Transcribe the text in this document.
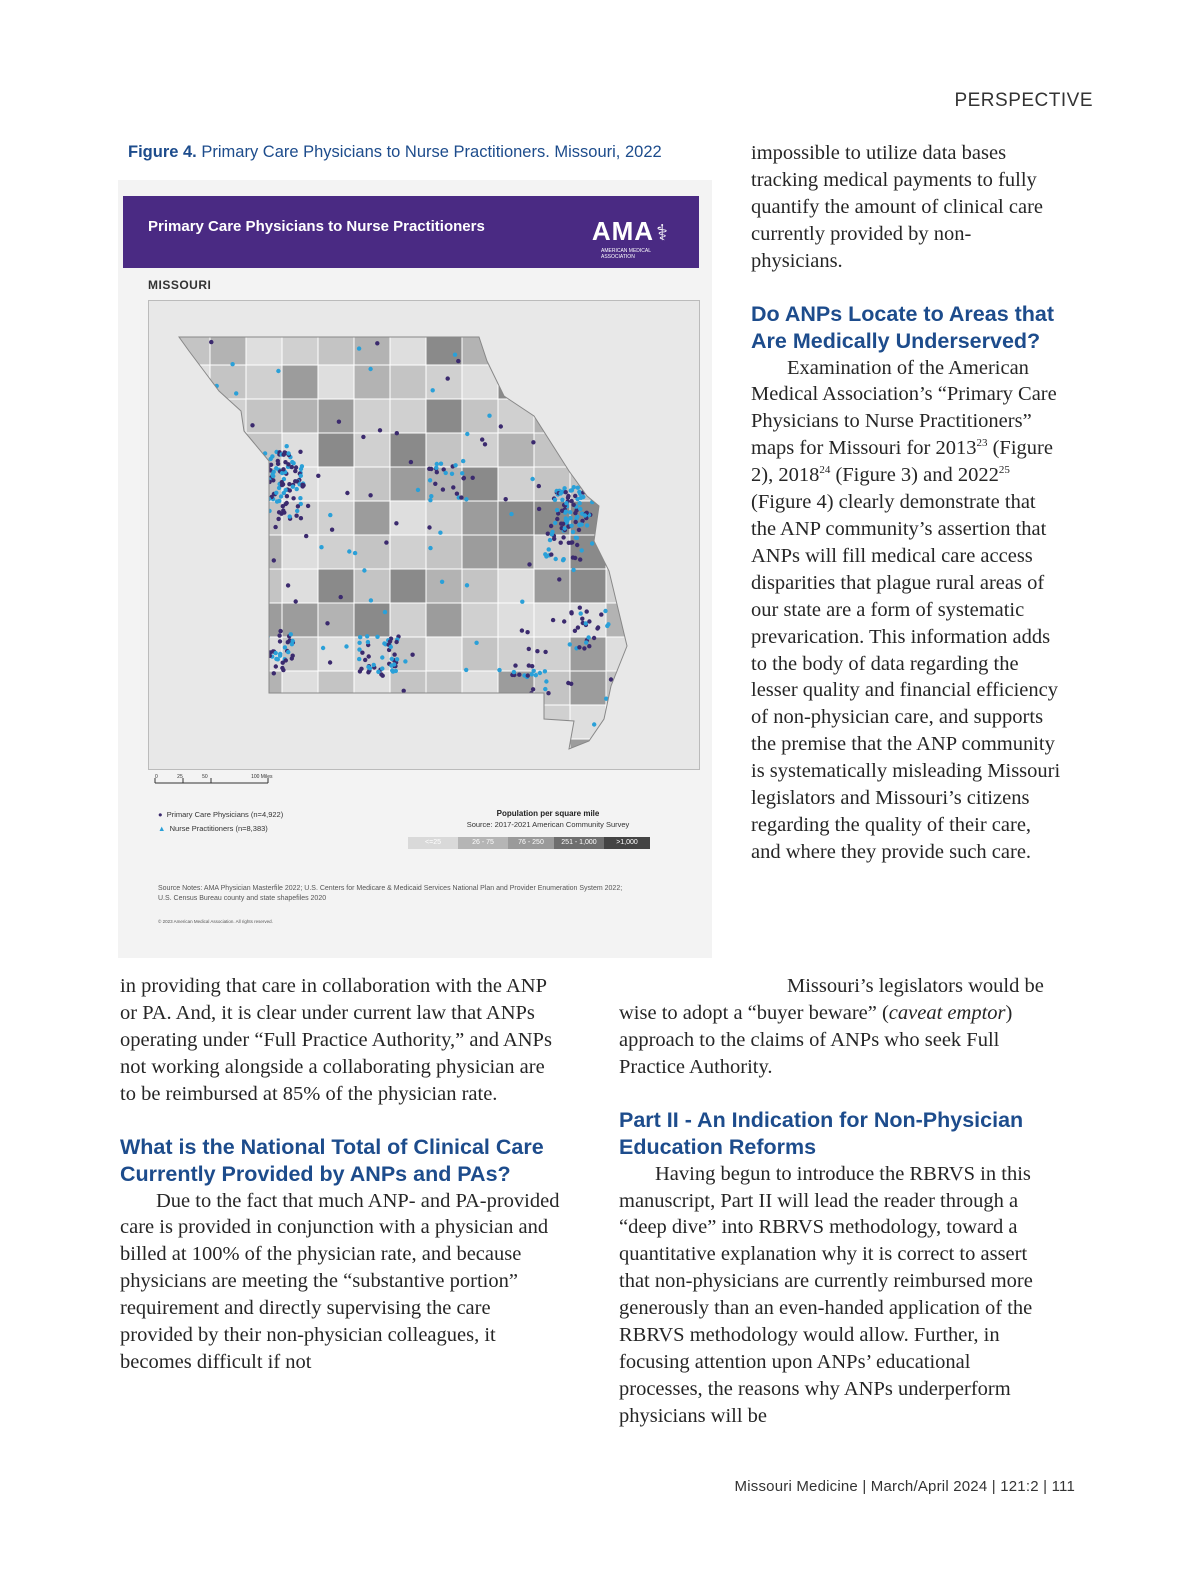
PERSPECTIVE
Figure 4. Primary Care Physicians to Nurse Practitioners. Missouri, 2022
Primary Care Physicians to Nurse Practitioners	AMA⚕
AMERICAN MEDICAL ASSOCIATION
MISSOURI
0	25	50	100 Miles
● Primary Care Physicians (n=4,922)
▲ Nurse Practitioners (n=8,383)
Population per square mile
Source: 2017-2021 American Community Survey
<=25	26 - 75	76 - 250	251 - 1,000	>1,000
Source Notes: AMA Physician Masterfile 2022; U.S. Centers for Medicare & Medicaid Services National Plan and Provider Enumeration System 2022; U.S. Census Bureau county and state shapefiles 2020
© 2023 American Medical Association. All rights reserved.

impossible to utilize data bases tracking medical payments to fully quantify the amount of clinical care currently provided by non-physicians.

Do ANPs Locate to Areas that Are Medically Underserved?

Examination of the American Medical Association’s “Primary Care Physicians to Nurse Practitioners” maps for Missouri for 2013$^{23}$ (Figure 2), 2018$^{24}$ (Figure 3) and 2022$^{25}$ (Figure 4) clearly demonstrate that the ANP community’s assertion that ANPs will fill medical care access disparities that plague rural areas of our state are a form of systematic prevarication. This information adds to the body of data regarding the lesser quality and financial efficiency of non-physician care, and supports the premise that the ANP community is systematically misleading Missouri legislators and Missouri’s citizens regarding the quality of their care, and where they provide such care.

in providing that care in collaboration with the ANP or PA. And, it is clear under current law that ANPs operating under “Full Practice Authority,” and ANPs not working alongside a collaborating physician are to be reimbursed at 85% of the physician rate.

What is the National Total of Clinical Care Currently Provided by ANPs and PAs?

Due to the fact that much ANP- and PA-provided care is provided in conjunction with a physician and billed at 100% of the physician rate, and because physicians are meeting the “substantive portion” requirement and directly supervising the care provided by their non-physician colleagues, it becomes difficult if not

Missouri’s legislators would be wise to adopt a “buyer beware” (caveat emptor) approach to the claims of ANPs who seek Full Practice Authority.

Part II - An Indication for Non-Physician Education Reforms

Having begun to introduce the RBRVS in this manuscript, Part II will lead the reader through a “deep dive” into RBRVS methodology, toward a quantitative explanation why it is correct to assert that non-physicians are currently reimbursed more generously than an even-handed application of the RBRVS methodology would allow. Further, in focusing attention upon ANPs’ educational processes, the reasons why ANPs underperform physicians will be

Missouri Medicine | March/April 2024 | 121:2 | 111
